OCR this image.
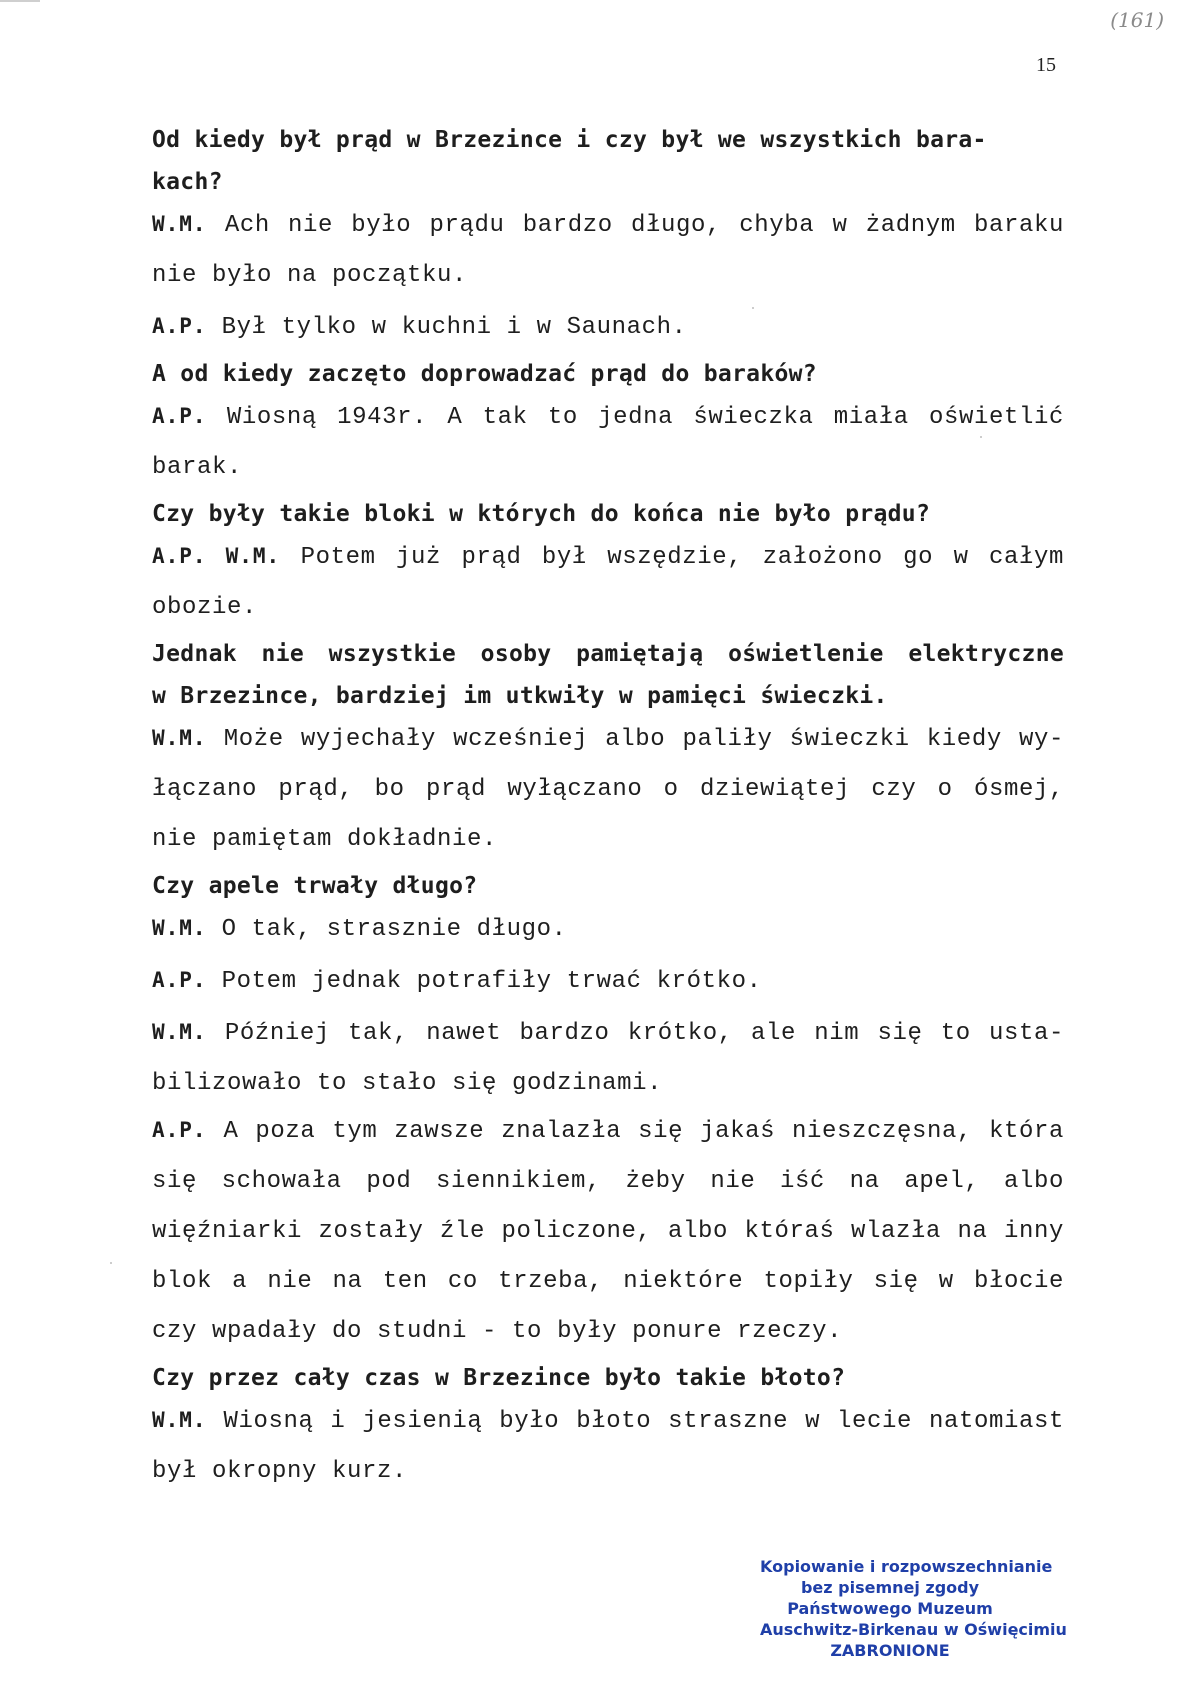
(161)
15

Od kiedy był prąd w Brzezince i czy był we wszystkich bara-

kach?

W.M. Ach nie było prądu bardzo długo, chyba w żadnym baraku

nie było na początku.

A.P. Był tylko w kuchni i w Saunach.

A od kiedy zaczęto doprowadzać prąd do baraków?

A.P. Wiosną 1943r. A tak to jedna świeczka miała oświetlić

barak.

Czy były takie bloki w których do końca nie było prądu?

A.P. W.M. Potem już prąd był wszędzie, założono go w całym

obozie.

Jednak nie wszystkie osoby pamiętają oświetlenie elektryczne

w Brzezince, bardziej im utkwiły w pamięci świeczki.

W.M. Może wyjechały wcześniej albo paliły świeczki kiedy wy-

łączano prąd, bo prąd wyłączano o dziewiątej czy o ósmej,

nie pamiętam dokładnie.

Czy apele trwały długo?

W.M. O tak, strasznie długo.

A.P. Potem jednak potrafiły trwać krótko.

W.M. Później tak, nawet bardzo krótko, ale nim się to usta-

bilizowało to stało się godzinami.

A.P. A poza tym zawsze znalazła się jakaś nieszczęsna, która

się schowała pod siennikiem, żeby nie iść na apel, albo

więźniarki zostały źle policzone, albo któraś wlazła na inny

blok a nie na ten co trzeba, niektóre topiły się w błocie

czy wpadały do studni - to były ponure rzeczy.

Czy przez cały czas w Brzezince było takie błoto?

W.M. Wiosną i jesienią było błoto straszne w lecie natomiast

był okropny kurz.

Kopiowanie i rozpowszechnianie
bez pisemnej zgody
Państwowego Muzeum
Auschwitz-Birkenau w Oświęcimiu
ZABRONIONE
